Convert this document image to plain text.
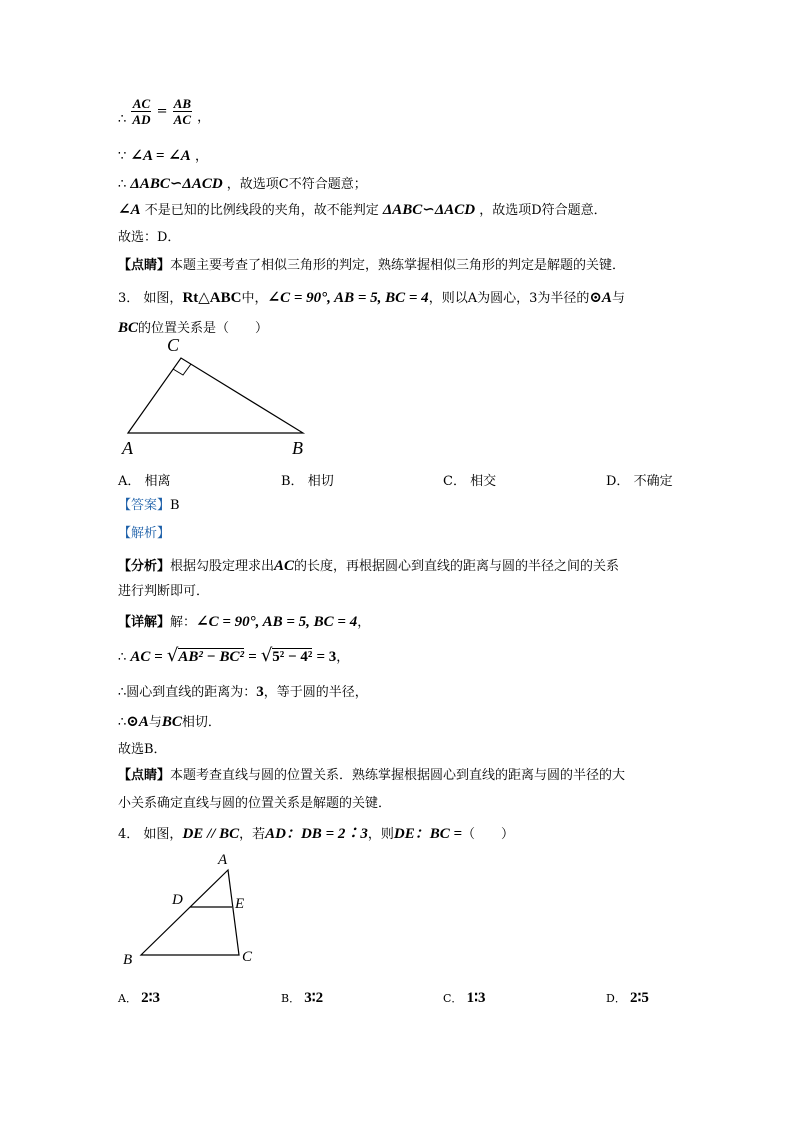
∴ $\frac{AC}{AD} = \frac{AB}{AC}$ ，
∵ ∠A = ∠A ，
∴ ΔABC∽ΔACD ，故选项C不符合题意；
∠A 不是已知的比例线段的夹角，故不能判定 ΔABC∽ΔACD ，故选项D符合题意．
故选：D．
【点睛】本题主要考查了相似三角形的判定，熟练掌握相似三角形的判定是解题的关键．
3． 如图，Rt△ABC中，∠C = 90°, AB = 5, BC = 4，则以A为圆心，3为半径的⊙A与
BC的位置关系是（　　）
C
A	B
A． 相离	B． 相切	C． 相交	D． 不确定
【答案】B
【解析】
【分析】根据勾股定理求出AC的长度，再根据圆心到直线的距离与圆的半径之间的关系
进行判断即可．
【详解】解：∠C = 90°, AB = 5, BC = 4，
∴ AC = √AB² − BC² = √5² − 4² = 3，
∴圆心到直线的距离为：3，等于圆的半径，
∴⊙A与BC相切．
故选B．
【点睛】本题考查直线与圆的位置关系．熟练掌握根据圆心到直线的距离与圆的半径的大
小关系确定直线与圆的位置关系是解题的关键．
4． 如图，DE // BC，若AD：DB = 2∶3，则DE：BC =（　　）
A
D	E
B	C
A． 2∶3	B． 3∶2	C． 1∶3	D． 2∶5
